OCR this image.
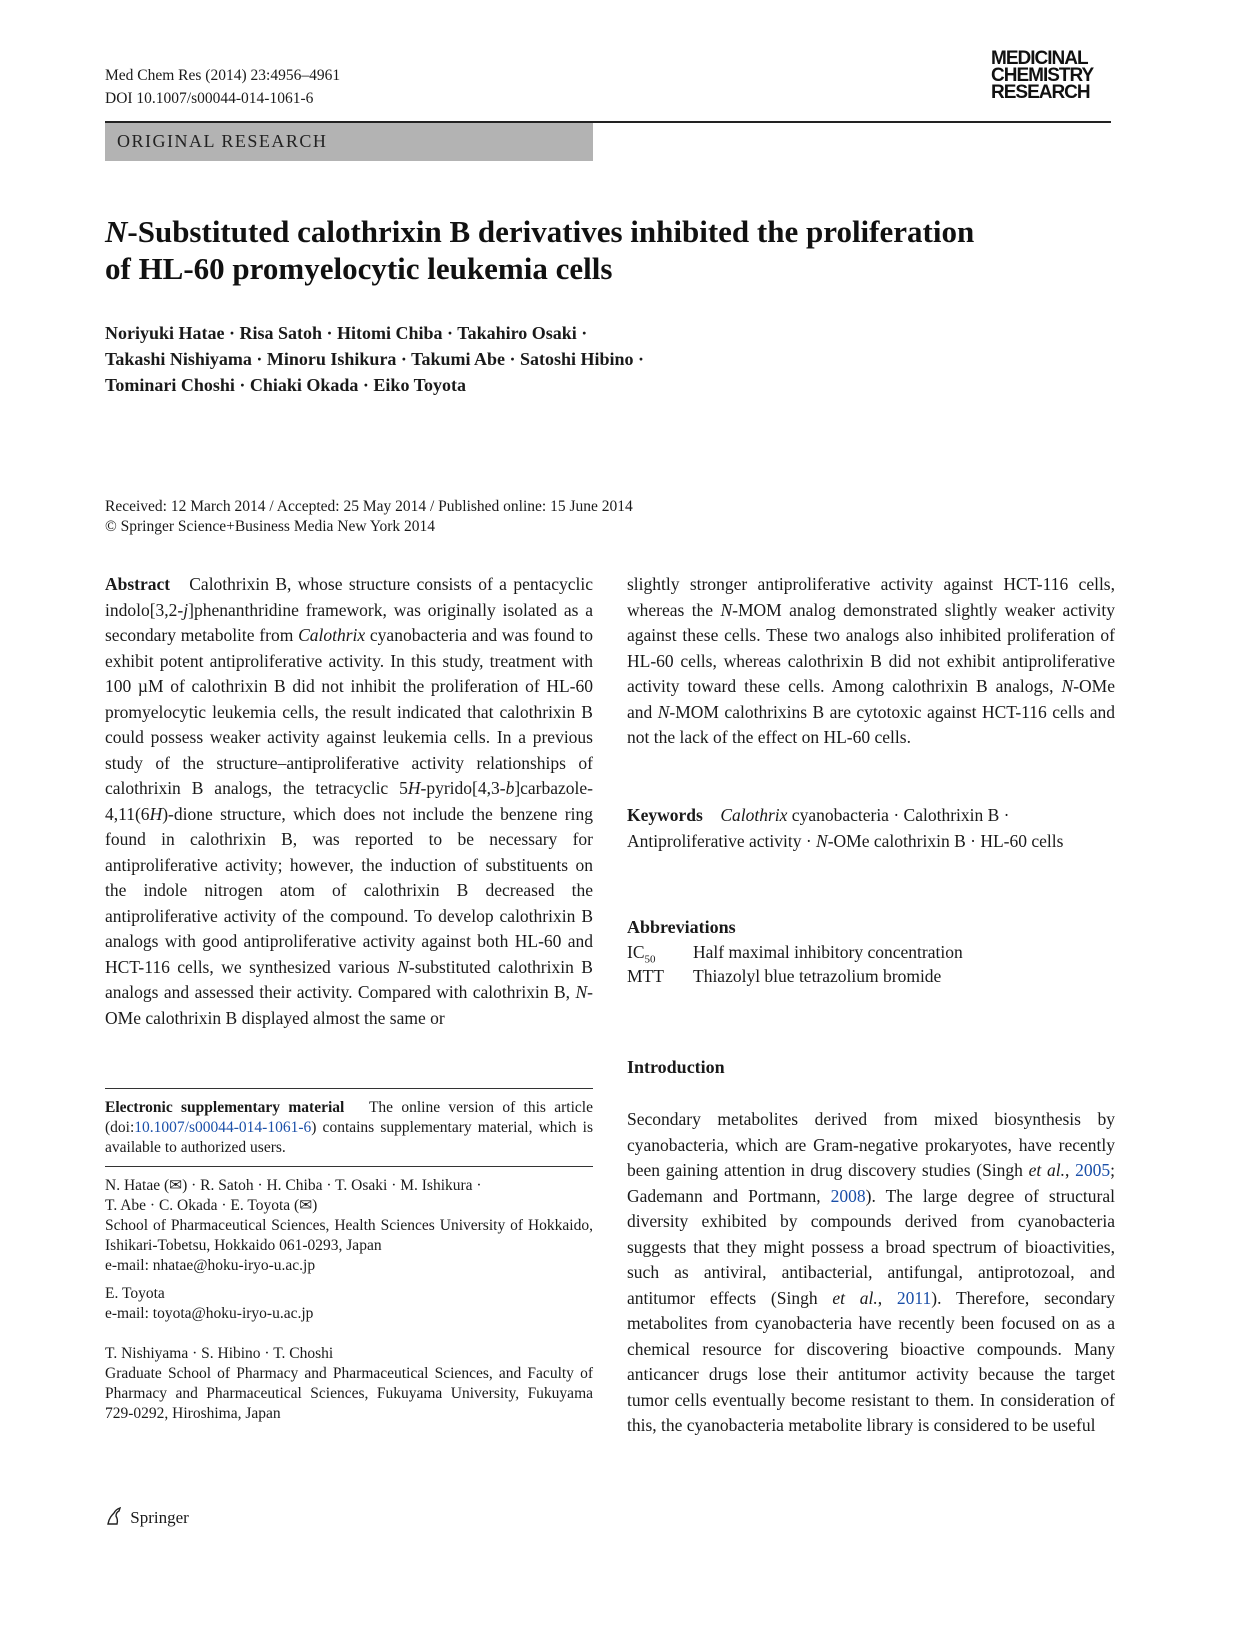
Med Chem Res (2014) 23:4956–4961
DOI 10.1007/s00044-014-1061-6
MEDICINAL
CHEMISTRY
RESEARCH
ORIGINAL RESEARCH
N-Substituted calothrixin B derivatives inhibited the proliferation
of HL-60 promyelocytic leukemia cells
Noriyuki Hatae · Risa Satoh · Hitomi Chiba · Takahiro Osaki ·
Takashi Nishiyama · Minoru Ishikura · Takumi Abe · Satoshi Hibino ·
Tominari Choshi · Chiaki Okada · Eiko Toyota
Received: 12 March 2014 / Accepted: 25 May 2014 / Published online: 15 June 2014
© Springer Science+Business Media New York 2014
Abstract Calothrixin B, whose structure consists of a pentacyclic indolo[3,2-j]phenanthridine framework, was originally isolated as a secondary metabolite from Calothrix cyanobacteria and was found to exhibit potent antiproliferative activity. In this study, treatment with 100 µM of calothrixin B did not inhibit the proliferation of HL-60 promyelocytic leukemia cells, the result indicated that calothrixin B could possess weaker activity against leukemia cells. In a previous study of the structure–antiproliferative activity relationships of calothrixin B analogs, the tetracyclic 5H-pyrido[4,3-b]carbazole-4,11(6H)-dione structure, which does not include the benzene ring found in calothrixin B, was reported to be necessary for antiproliferative activity; however, the induction of substituents on the indole nitrogen atom of calothrixin B decreased the antiproliferative activity of the compound. To develop calothrixin B analogs with good antiproliferative activity against both HL-60 and HCT-116 cells, we synthesized various N-substituted calothrixin B analogs and assessed their activity. Compared with calothrixin B, N-OMe calothrixin B displayed almost the same or
Electronic supplementary material The online version of this article (doi:10.1007/s00044-014-1061-6) contains supplementary material, which is available to authorized users.
N. Hatae (✉) · R. Satoh · H. Chiba · T. Osaki · M. Ishikura ·
T. Abe · C. Okada · E. Toyota (✉)
School of Pharmaceutical Sciences, Health Sciences University of Hokkaido, Ishikari-Tobetsu, Hokkaido 061-0293, Japan
e-mail: nhatae@hoku-iryo-u.ac.jp
E. Toyota
e-mail: toyota@hoku-iryo-u.ac.jp
T. Nishiyama · S. Hibino · T. Choshi
Graduate School of Pharmacy and Pharmaceutical Sciences, and Faculty of Pharmacy and Pharmaceutical Sciences, Fukuyama University, Fukuyama 729-0292, Hiroshima, Japan
slightly stronger antiproliferative activity against HCT-116 cells, whereas the N-MOM analog demonstrated slightly weaker activity against these cells. These two analogs also inhibited proliferation of HL-60 cells, whereas calothrixin B did not exhibit antiproliferative activity toward these cells. Among calothrixin B analogs, N-OMe and N-MOM calothrixins B are cytotoxic against HCT-116 cells and not the lack of the effect on HL-60 cells.
Keywords Calothrix cyanobacteria · Calothrixin B · Antiproliferative activity · N-OMe calothrixin B · HL-60 cells
Abbreviations
$IC_{50}$ Half maximal inhibitory concentration
MTT Thiazolyl blue tetrazolium bromide
Introduction
Secondary metabolites derived from mixed biosynthesis by cyanobacteria, which are Gram-negative prokaryotes, have recently been gaining attention in drug discovery studies (Singh et al., 2005; Gademann and Portmann, 2008). The large degree of structural diversity exhibited by compounds derived from cyanobacteria suggests that they might possess a broad spectrum of bioactivities, such as antiviral, antibacterial, antifungal, antiprotozoal, and antitumor effects (Singh et al., 2011). Therefore, secondary metabolites from cyanobacteria have recently been focused on as a chemical resource for discovering bioactive compounds. Many anticancer drugs lose their antitumor activity because the target tumor cells eventually become resistant to them. In consideration of this, the cyanobacteria metabolite library is considered to be useful
Springer
